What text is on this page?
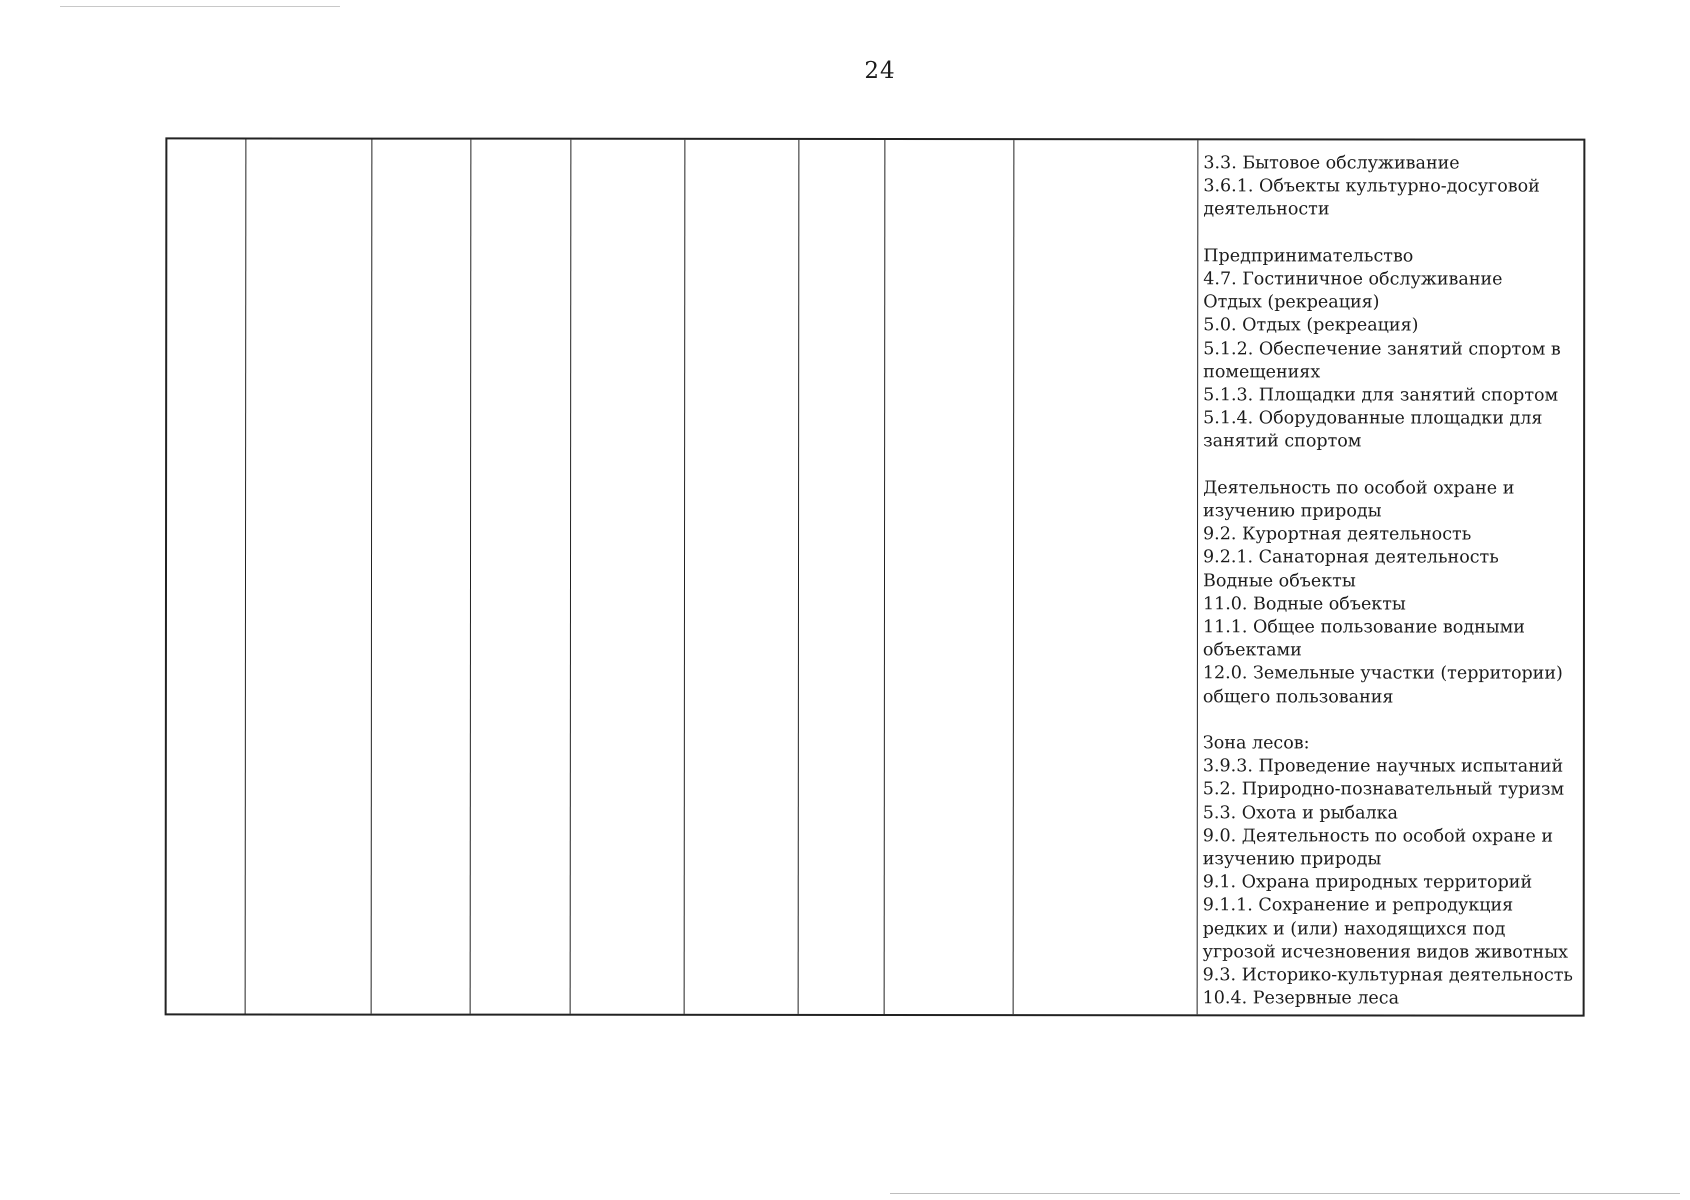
24

3.3. Бытовое обслуживание

3.6.1. Объекты культурно-досуговой деятельности

Предпринимательство

4.7. Гостиничное обслуживание

Отдых (рекреация)

5.0. Отдых (рекреация)

5.1.2. Обеспечение занятий спортом в помещениях

5.1.3. Площадки для занятий спортом

5.1.4. Оборудованные площадки для занятий спортом

Деятельность по особой охране и изучению природы

9.2. Курортная деятельность

9.2.1. Санаторная деятельность

Водные объекты

11.0. Водные объекты

11.1. Общее пользование водными объектами

12.0. Земельные участки (территории) общего пользования

Зона лесов:

3.9.3. Проведение научных испытаний

5.2. Природно-познавательный туризм

5.3. Охота и рыбалка

9.0. Деятельность по особой охране и изучению природы

9.1. Охрана природных территорий

9.1.1. Сохранение и репродукция редких и (или) находящихся под угрозой исчезновения видов животных

9.3. Историко-культурная деятельность

10.4. Резервные леса
